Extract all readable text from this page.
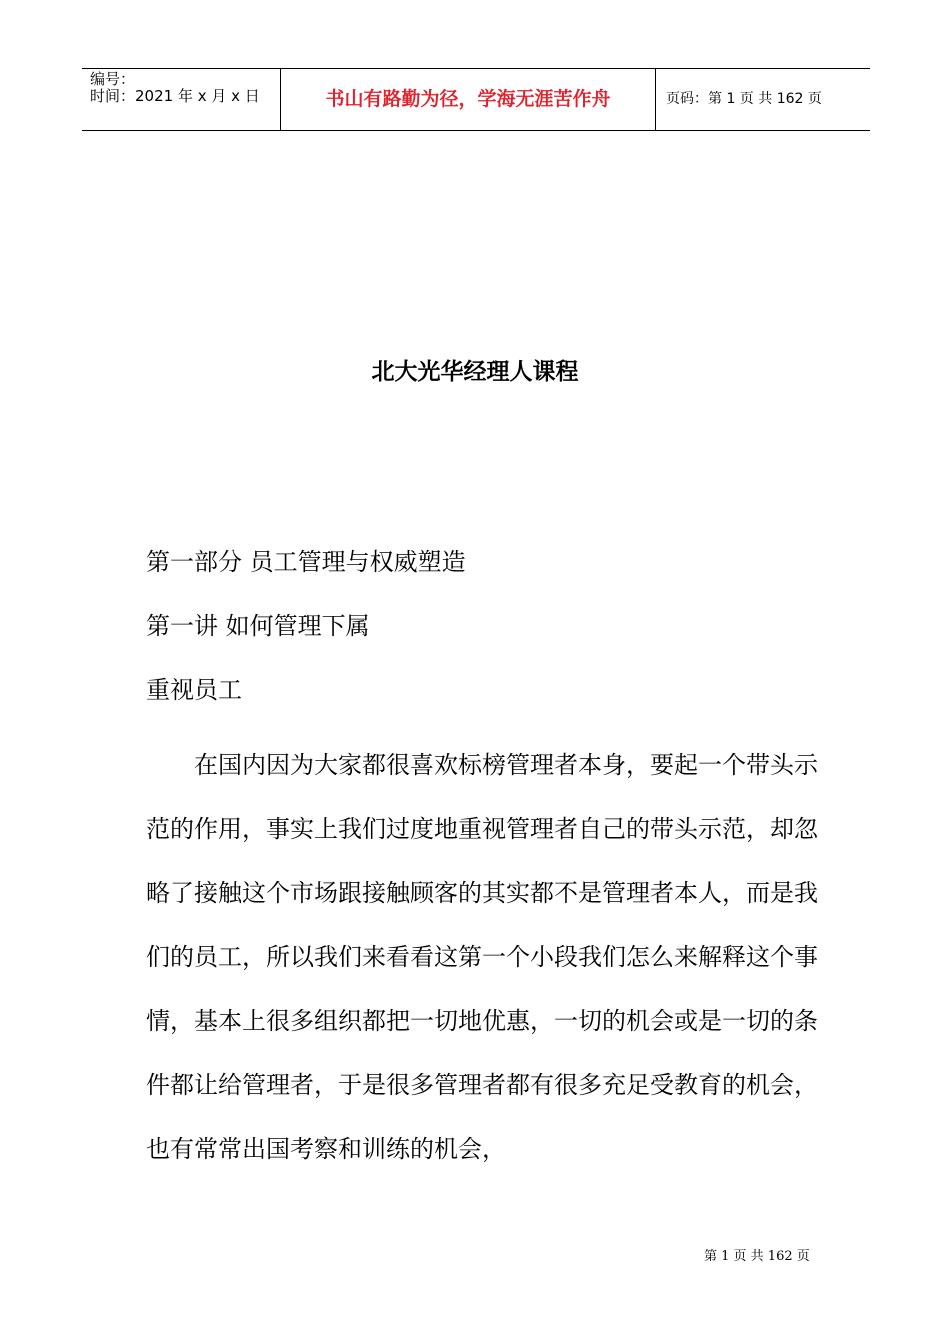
编号：
时间：2021 年 x 月 x 日	书山有路勤为径，学海无涯苦作舟	页码：第 1 页 共 162 页
北大光华经理人课程
第一部分 员工管理与权威塑造
第一讲 如何管理下属
重视员工

在国内因为大家都很喜欢标榜管理者本身，要起一个带头示范的作用，事实上我们过度地重视管理者自己的带头示范，却忽略了接触这个市场跟接触顾客的其实都不是管理者本人，而是我们的员工，所以我们来看看这第一个小段我们怎么来解释这个事情，基本上很多组织都把一切地优惠，一切的机会或是一切的条件都让给管理者，于是很多管理者都有很多充足受教育的机会，也有常常出国考察和训练的机会，

第 1 页 共 162 页
